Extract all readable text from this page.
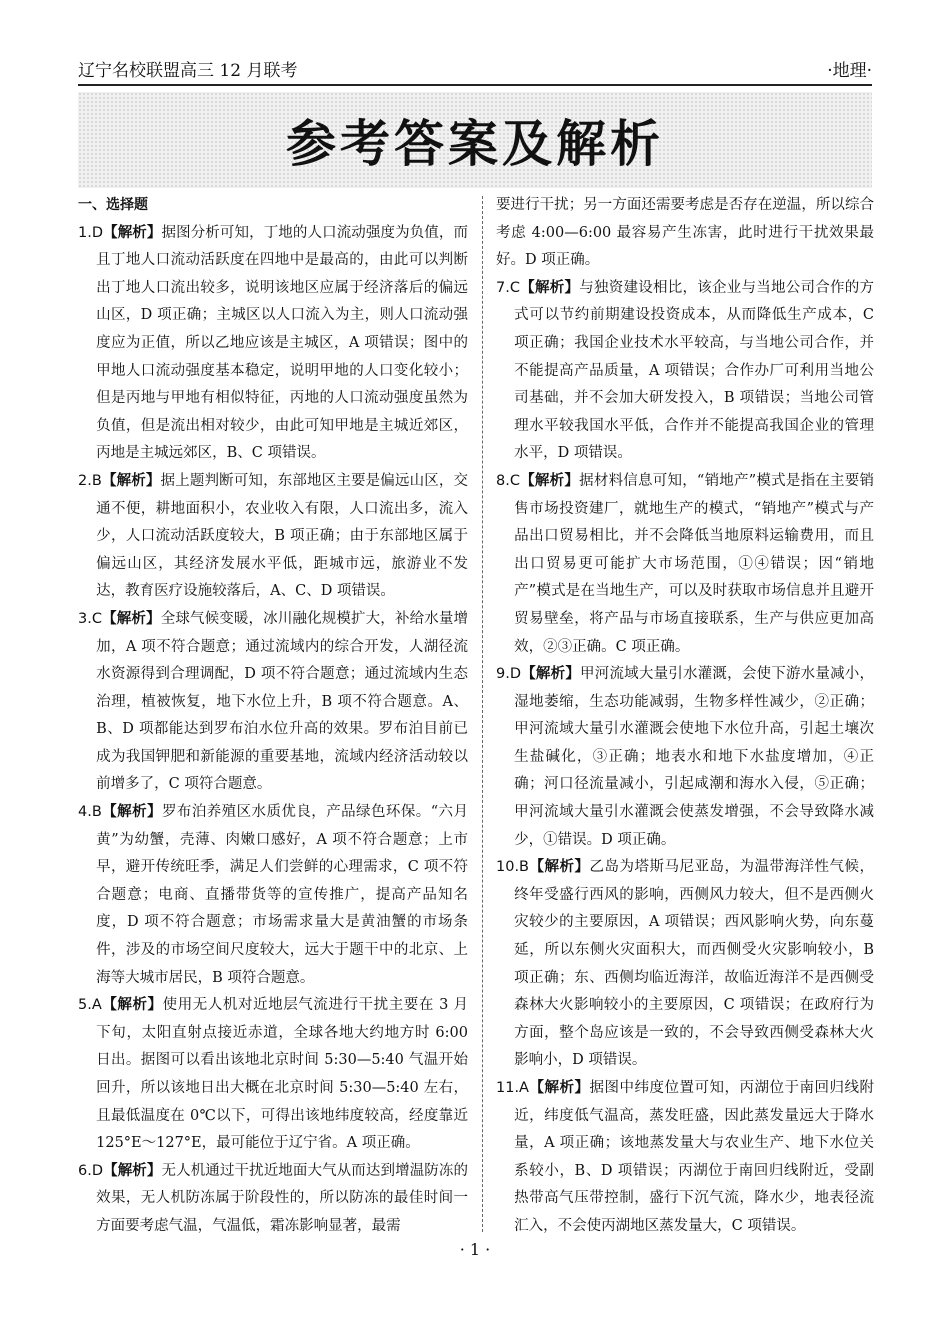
辽宁名校联盟高三 12 月联考	·地理·
参考答案及解析
一、选择题

1.D【解析】据图分析可知，丁地的人口流动强度为负值，而且丁地人口流动活跃度在四地中是最高的，由此可以判断出丁地人口流出较多，说明该地区应属于经济落后的偏远山区，D 项正确；主城区以人口流入为主，则人口流动强度应为正值，所以乙地应该是主城区，A 项错误；图中的甲地人口流动强度基本稳定，说明甲地的人口变化较小；但是丙地与甲地有相似特征，丙地的人口流动强度虽然为负值，但是流出相对较少，由此可知甲地是主城近郊区，丙地是主城远郊区，B、C 项错误。

2.B【解析】据上题判断可知，东部地区主要是偏远山区，交通不便，耕地面积小，农业收入有限，人口流出多，流入少，人口流动活跃度较大，B 项正确；由于东部地区属于偏远山区，其经济发展水平低，距城市远，旅游业不发达，教育医疗设施较落后，A、C、D 项错误。

3.C【解析】全球气候变暖，冰川融化规模扩大，补给水量增加，A 项不符合题意；通过流域内的综合开发，人湖径流水资源得到合理调配，D 项不符合题意；通过流域内生态治理，植被恢复，地下水位上升，B 项不符合题意。A、B、D 项都能达到罗布泊水位升高的效果。罗布泊目前已成为我国钾肥和新能源的重要基地，流域内经济活动较以前增多了，C 项符合题意。

4.B【解析】罗布泊养殖区水质优良，产品绿色环保。“六月黄”为幼蟹，壳薄、肉嫩口感好，A 项不符合题意；上市早，避开传统旺季，满足人们尝鲜的心理需求，C 项不符合题意；电商、直播带货等的宣传推广，提高产品知名度，D 项不符合题意；市场需求量大是黄油蟹的市场条件，涉及的市场空间尺度较大，远大于题干中的北京、上海等大城市居民，B 项符合题意。

5.A【解析】使用无人机对近地层气流进行干扰主要在 3 月下旬，太阳直射点接近赤道，全球各地大约地方时 6:00 日出。据图可以看出该地北京时间 5:30—5:40 气温开始回升，所以该地日出大概在北京时间 5:30—5:40 左右，且最低温度在 0℃以下，可得出该地纬度较高，经度靠近 125°E～127°E，最可能位于辽宁省。A 项正确。

6.D【解析】无人机通过干扰近地面大气从而达到增温防冻的效果，无人机防冻属于阶段性的，所以防冻的最佳时间一方面要考虑气温，气温低，霜冻影响显著，最需

要进行干扰；另一方面还需要考虑是否存在逆温，所以综合考虑 4:00—6:00 最容易产生冻害，此时进行干扰效果最好。D 项正确。

7.C【解析】与独资建设相比，该企业与当地公司合作的方式可以节约前期建设投资成本，从而降低生产成本，C 项正确；我国企业技术水平较高，与当地公司合作，并不能提高产品质量，A 项错误；合作办厂可利用当地公司基础，并不会加大研发投入，B 项错误；当地公司管理水平较我国水平低，合作并不能提高我国企业的管理水平，D 项错误。

8.C【解析】据材料信息可知，“销地产”模式是指在主要销售市场投资建厂，就地生产的模式，“销地产”模式与产品出口贸易相比，并不会降低当地原料运输费用，而且出口贸易更可能扩大市场范围，①④错误；因“销地产”模式是在当地生产，可以及时获取市场信息并且避开贸易壁垒，将产品与市场直接联系，生产与供应更加高效，②③正确。C 项正确。

9.D【解析】甲河流域大量引水灌溉，会使下游水量减小，湿地萎缩，生态功能减弱，生物多样性减少，②正确；甲河流域大量引水灌溉会使地下水位升高，引起土壤次生盐碱化，③正确；地表水和地下水盐度增加，④正确；河口径流量减小，引起咸潮和海水入侵，⑤正确；甲河流域大量引水灌溉会使蒸发增强，不会导致降水减少，①错误。D 项正确。

10.B【解析】乙岛为塔斯马尼亚岛，为温带海洋性气候，终年受盛行西风的影响，西侧风力较大，但不是西侧火灾较少的主要原因，A 项错误；西风影响火势，向东蔓延，所以东侧火灾面积大，而西侧受火灾影响较小，B 项正确；东、西侧均临近海洋，故临近海洋不是西侧受森林大火影响较小的主要原因，C 项错误；在政府行为方面，整个岛应该是一致的，不会导致西侧受森林大火影响小，D 项错误。

11.A【解析】据图中纬度位置可知，丙湖位于南回归线附近，纬度低气温高，蒸发旺盛，因此蒸发量远大于降水量，A 项正确；该地蒸发量大与农业生产、地下水位关系较小，B、D 项错误；丙湖位于南回归线附近，受副热带高气压带控制，盛行下沉气流，降水少，地表径流汇入，不会使丙湖地区蒸发量大，C 项错误。

· 1 ·
